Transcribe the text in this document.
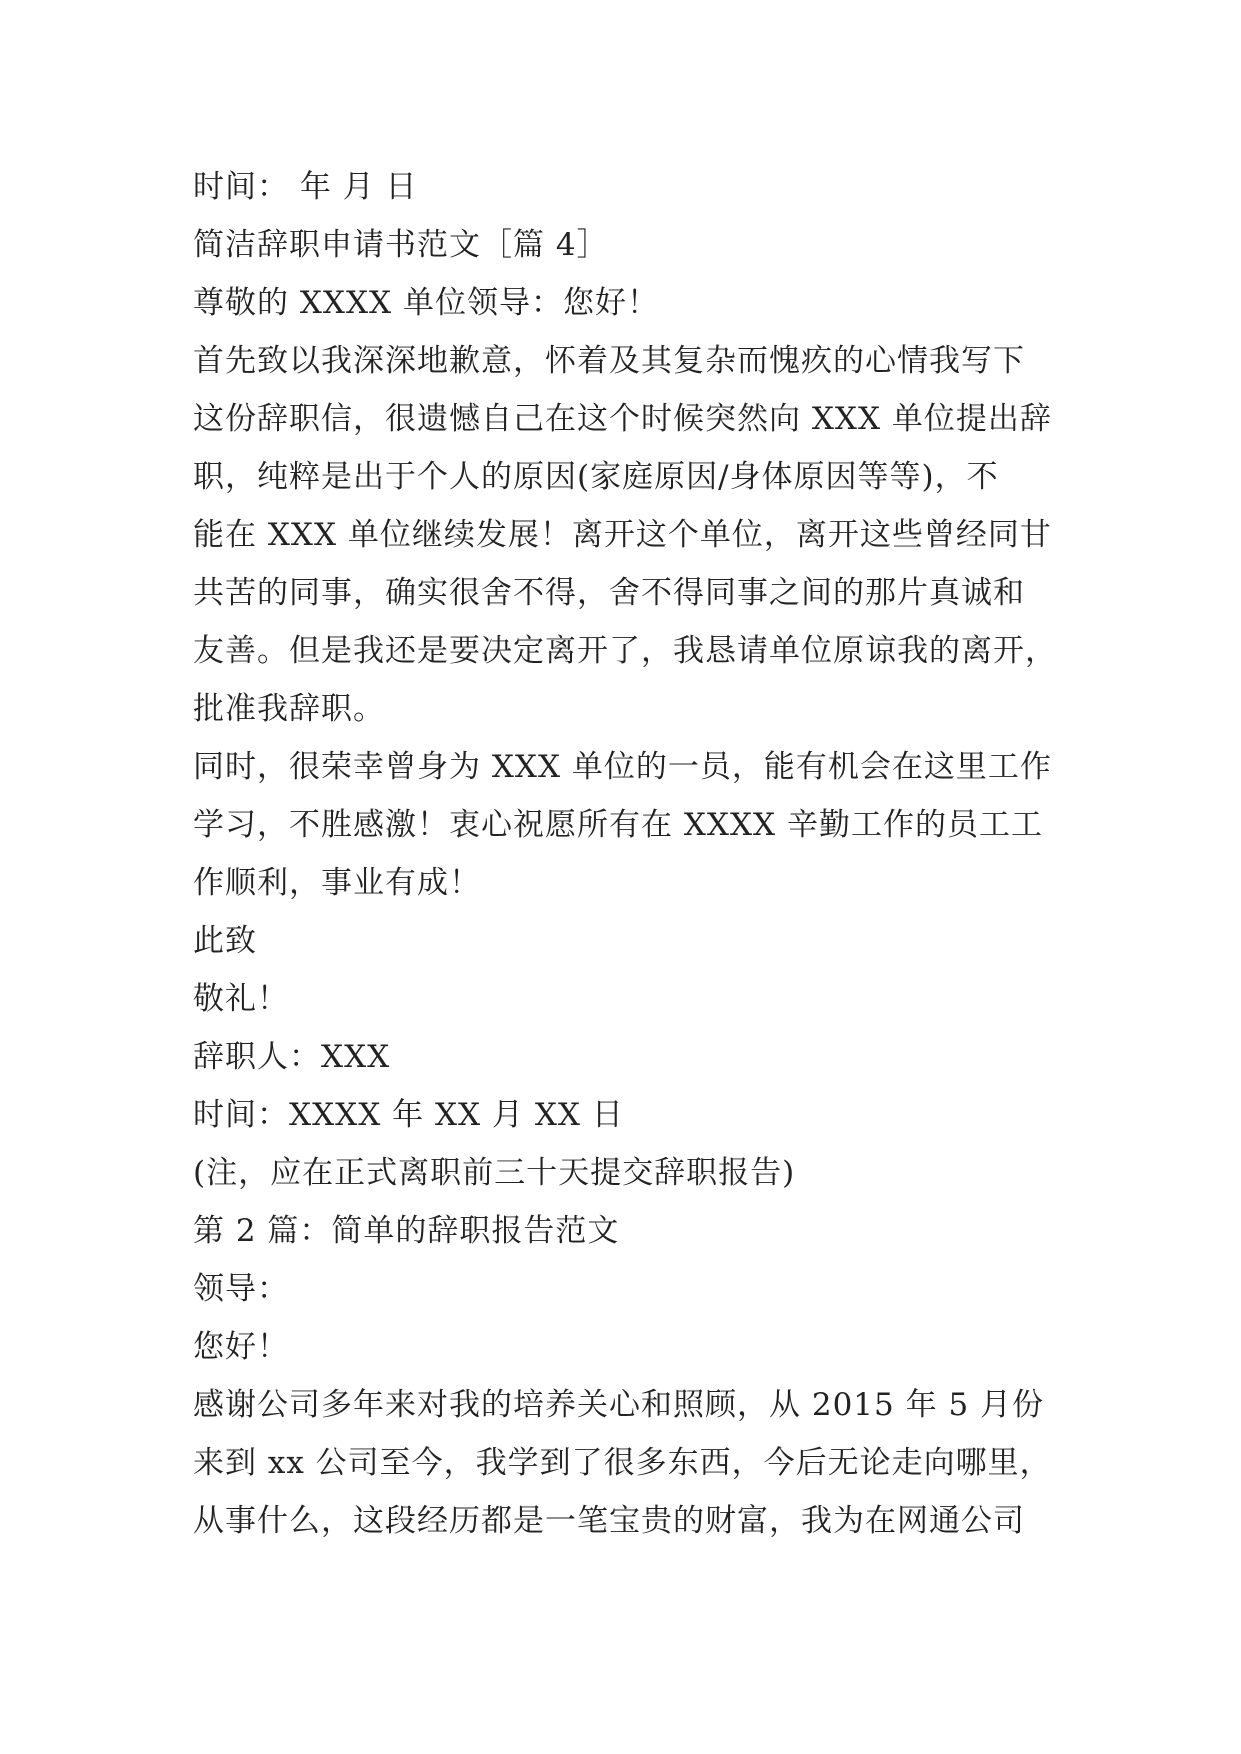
时间： 年 月 日
简洁辞职申请书范文［篇 4］
尊敬的 XXXX 单位领导：您好！
首先致以我深深地歉意，怀着及其复杂而愧疚的心情我写下
这份辞职信，很遗憾自己在这个时候突然向 XXX 单位提出辞
职，纯粹是出于个人的原因(家庭原因/身体原因等等)，不
能在 XXX 单位继续发展！离开这个单位，离开这些曾经同甘
共苦的同事，确实很舍不得，舍不得同事之间的那片真诚和
友善。但是我还是要决定离开了，我恳请单位原谅我的离开，
批准我辞职。
同时，很荣幸曾身为 XXX 单位的一员，能有机会在这里工作
学习，不胜感激！衷心祝愿所有在 XXXX 辛勤工作的员工工
作顺利，事业有成！
此致
敬礼！
辞职人：XXX
时间：XXXX 年 XX 月 XX 日
(注，应在正式离职前三十天提交辞职报告)
第 2 篇：简单的辞职报告范文
领导：
您好！
感谢公司多年来对我的培养关心和照顾，从 2015 年 5 月份
来到 xx 公司至今，我学到了很多东西，今后无论走向哪里，
从事什么，这段经历都是一笔宝贵的财富，我为在网通公司
